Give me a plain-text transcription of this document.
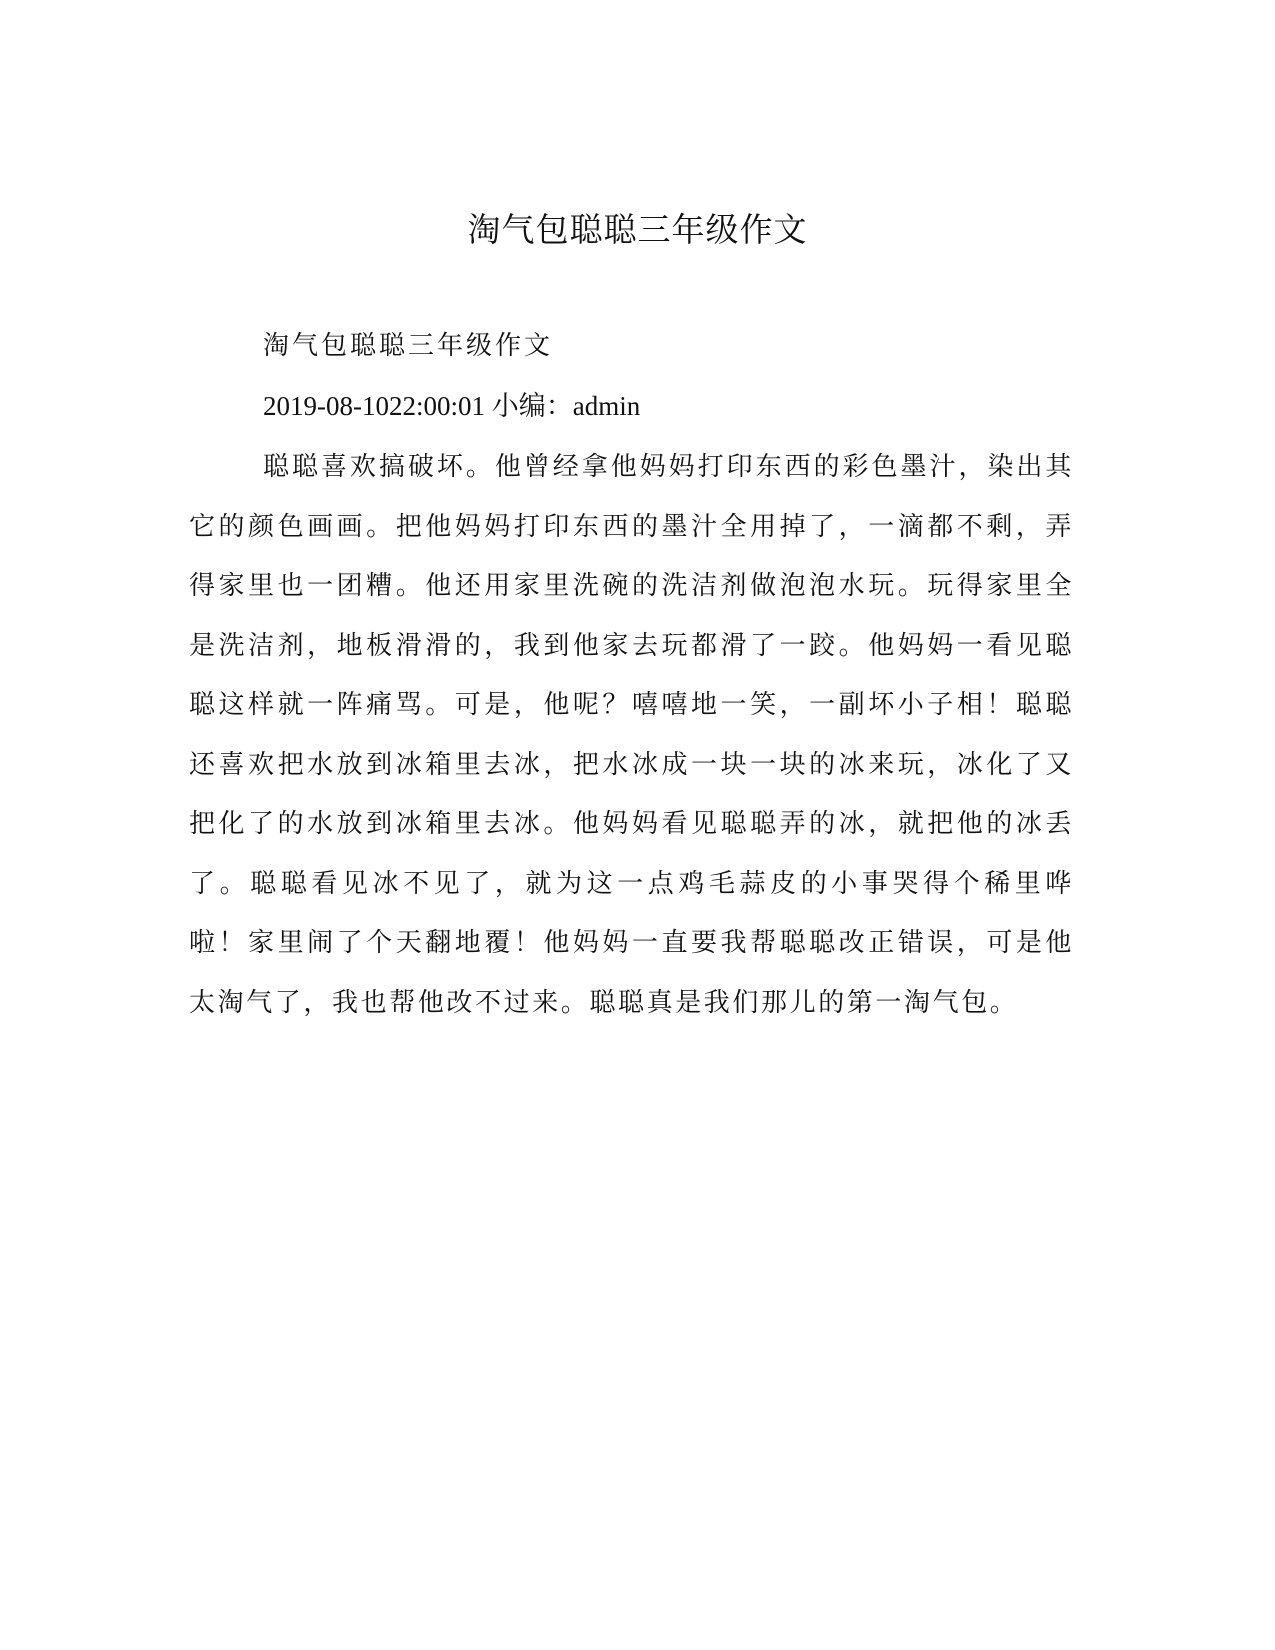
淘气包聪聪三年级作文

淘气包聪聪三年级作文

2019-08-1022:00:01 小编：admin

聪聪喜欢搞破坏。他曾经拿他妈妈打印东西的彩色墨汁，染出其它的颜色画画。把他妈妈打印东西的墨汁全用掉了，一滴都不剩，弄得家里也一团糟。他还用家里洗碗的洗洁剂做泡泡水玩。玩得家里全是洗洁剂，地板滑滑的，我到他家去玩都滑了一跤。他妈妈一看见聪聪这样就一阵痛骂。可是，他呢？嘻嘻地一笑，一副坏小子相！聪聪还喜欢把水放到冰箱里去冰，把水冰成一块一块的冰来玩，冰化了又把化了的水放到冰箱里去冰。他妈妈看见聪聪弄的冰，就把他的冰丢了。聪聪看见冰不见了，就为这一点鸡毛蒜皮的小事哭得个稀里哗啦！家里闹了个天翻地覆！他妈妈一直要我帮聪聪改正错误，可是他太淘气了，我也帮他改不过来。聪聪真是我们那儿的第一淘气包。
